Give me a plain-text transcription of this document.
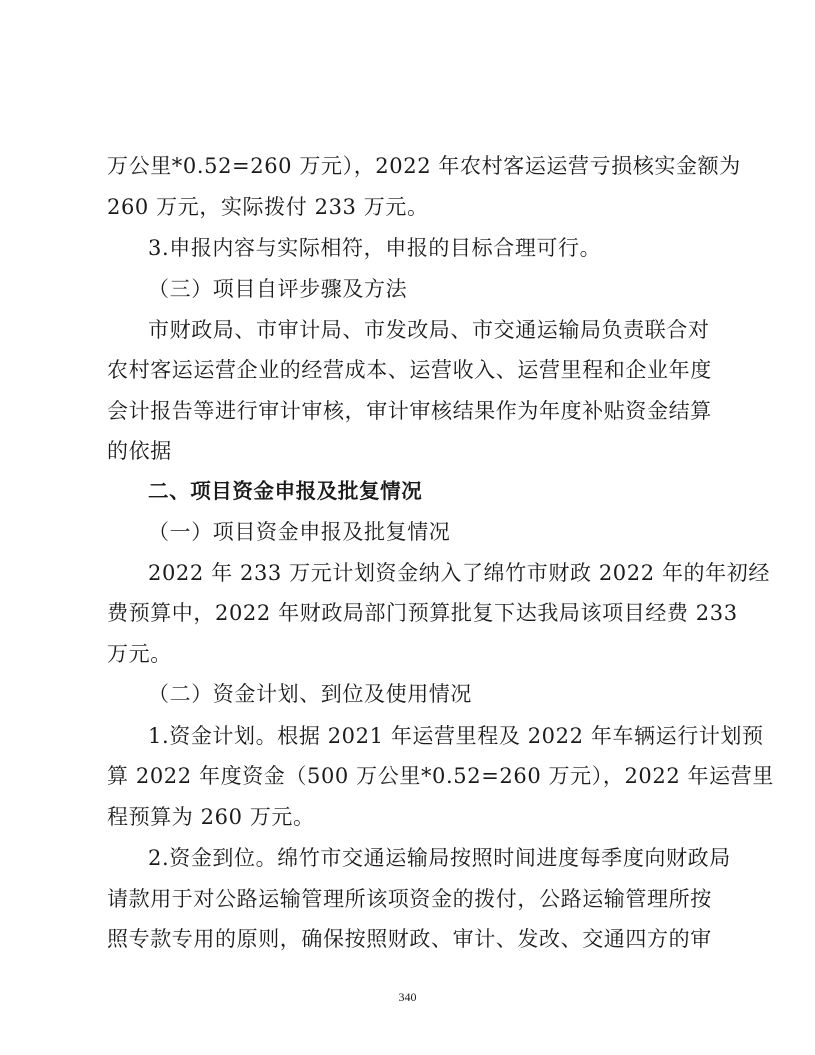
万公里*0.52=260 万元），2022 年农村客运运营亏损核实金额为
260 万元，实际拨付 233 万元。
3.申报内容与实际相符，申报的目标合理可行。
（三）项目自评步骤及方法
市财政局、市审计局、市发改局、市交通运输局负责联合对
农村客运运营企业的经营成本、运营收入、运营里程和企业年度
会计报告等进行审计审核，审计审核结果作为年度补贴资金结算
的依据
二、项目资金申报及批复情况
（一）项目资金申报及批复情况
2022 年 233 万元计划资金纳入了绵竹市财政 2022 年的年初经
费预算中，2022 年财政局部门预算批复下达我局该项目经费 233
万元。
（二）资金计划、到位及使用情况
1.资金计划。根据 2021 年运营里程及 2022 年车辆运行计划预
算 2022 年度资金（500 万公里*0.52=260 万元），2022 年运营里
程预算为 260 万元。
2.资金到位。绵竹市交通运输局按照时间进度每季度向财政局
请款用于对公路运输管理所该项资金的拨付，公路运输管理所按
照专款专用的原则，确保按照财政、审计、发改、交通四方的审
340
